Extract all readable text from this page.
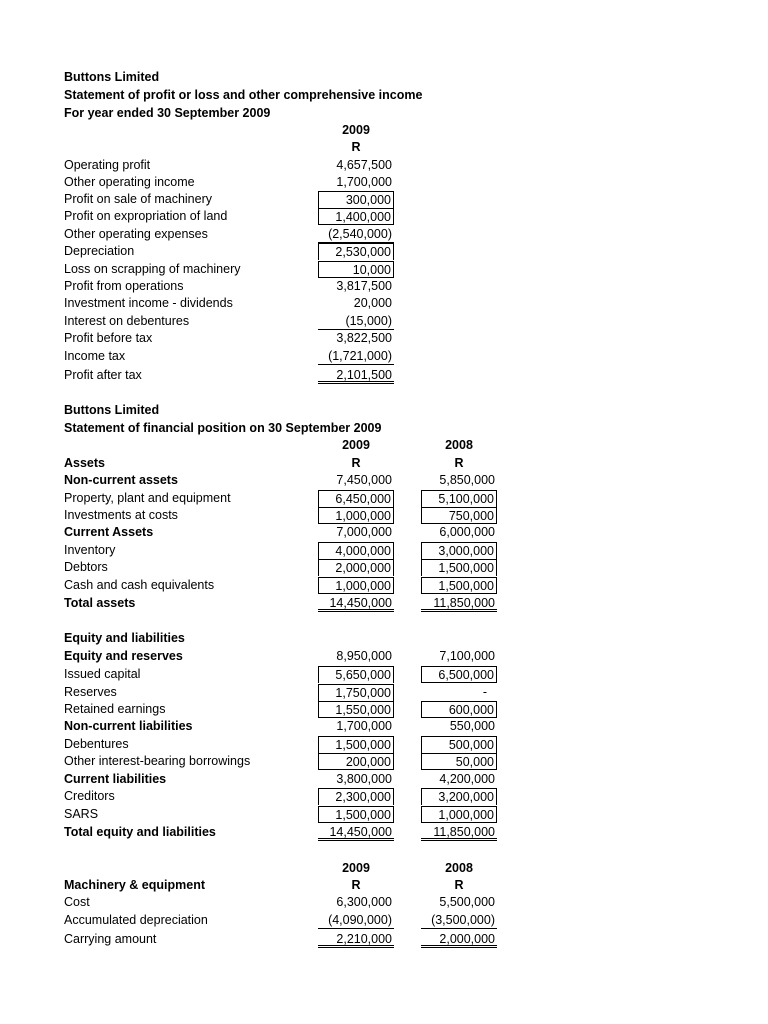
Buttons Limited
Statement of profit or loss and other comprehensive income
For year ended 30 September 2009
2009
R
Operating profit	4,657,500
Other operating income	1,700,000
Profit on sale of machinery	300,000
Profit on expropriation of land	1,400,000
Other operating expenses	(2,540,000)
Depreciation	2,530,000
Loss on scrapping of machinery	10,000
Profit from operations	3,817,500
Investment income - dividends	20,000
Interest on debentures	(15,000)
Profit before tax	3,822,500
Income tax	(1,721,000)
Profit after tax	2,101,500
Buttons Limited
Statement of financial position on 30 September 2009
2009	2008
Assets	R	R
Non-current assets	7,450,000	5,850,000
Property, plant and equipment	6,450,000	5,100,000
Investments at costs	1,000,000	750,000
Current Assets	7,000,000	6,000,000
Inventory	4,000,000	3,000,000
Debtors	2,000,000	1,500,000
Cash and cash equivalents	1,000,000	1,500,000
Total assets	14,450,000	11,850,000
Equity and liabilities
Equity and reserves	8,950,000	7,100,000
Issued capital	5,650,000	6,500,000
Reserves	1,750,000	-
Retained earnings	1,550,000	600,000
Non-current liabilities	1,700,000	550,000
Debentures	1,500,000	500,000
Other interest-bearing borrowings	200,000	50,000
Current liabilities	3,800,000	4,200,000
Creditors	2,300,000	3,200,000
SARS	1,500,000	1,000,000
Total equity and liabilities	14,450,000	11,850,000
2009	2008
Machinery & equipment	R	R
Cost	6,300,000	5,500,000
Accumulated depreciation	(4,090,000)	(3,500,000)
Carrying amount	2,210,000	2,000,000
